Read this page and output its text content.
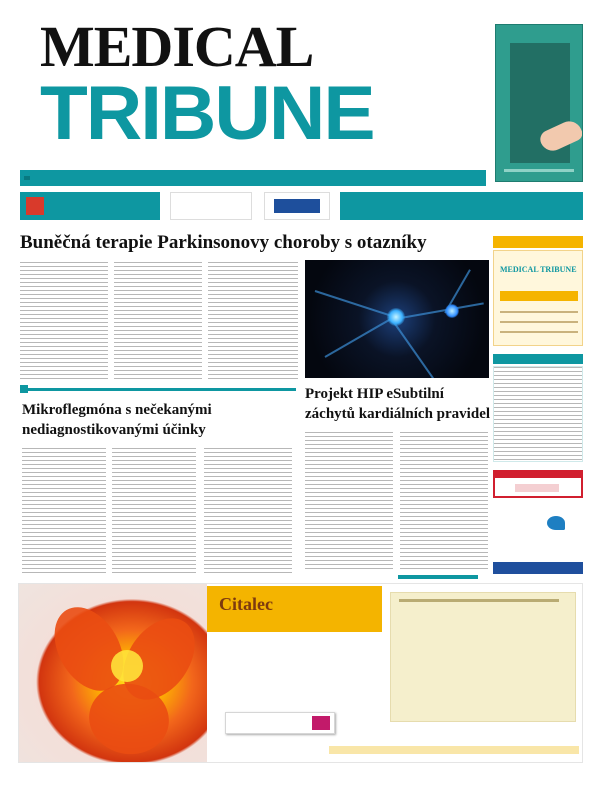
MEDICAL
TRIBUNE
Buněčná terapie Parkinsonovy choroby s otazníky
Mikroflegmóna s nečekanými nediagnostikovanými účinky
Projekt HIP eSubtilní záchytů kardiálních pravidel
MEDICAL TRIBUNE
Citalec
